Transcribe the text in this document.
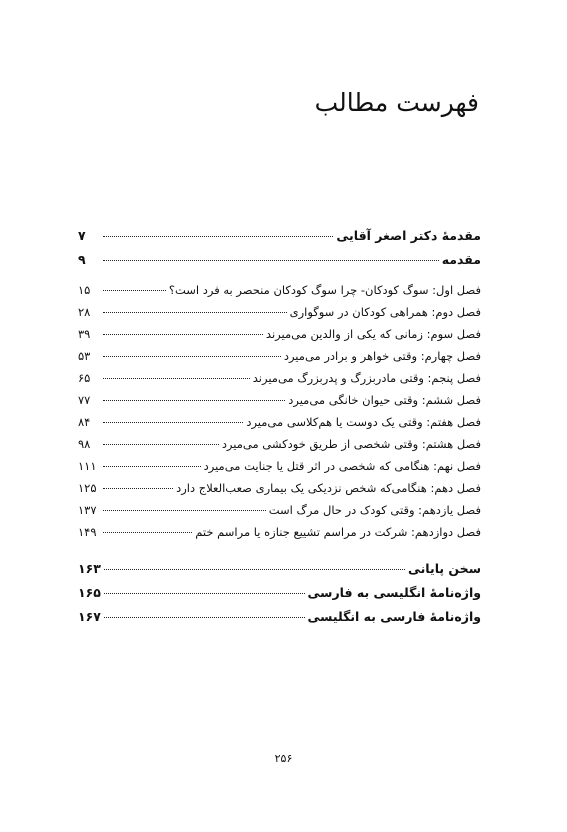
فهرست مطالب
مقدمهٔ دکتر اصغر آقایی
۷
مقدمه
۹
فصل اول: سوگ کودکان- چرا سوگ کودکان منحصر به فرد است؟
۱۵
فصل دوم: همراهی کودکان در سوگواری
۲۸
فصل سوم: زمانی که یکی از والدین می‌میرند
۳۹
فصل چهارم: وقتی خواهر و برادر می‌میرد
۵۳
فصل پنجم: وقتی مادربزرگ و پدربزرگ می‌میرند
۶۵
فصل ششم: وقتی حیوان خانگی می‌میرد
۷۷
فصل هفتم: وقتی یک دوست یا هم‌کلاسی می‌میرد
۸۴
فصل هشتم: وقتی شخصی از طریق خودکشی می‌میرد
۹۸
فصل نهم: هنگامی که شخصی در اثر قتل یا جنایت می‌میرد
۱۱۱
فصل دهم: هنگامی‌که شخص نزدیکی یک بیماری صعب‌العلاج دارد
۱۲۵
فصل یازدهم: وقتی کودک در حال مرگ است
۱۳۷
فصل دوازدهم: شرکت در مراسم تشییع جنازه یا مراسم ختم
۱۴۹
سخن پایانی
۱۶۳
واژه‌نامهٔ انگلیسی به فارسی
۱۶۵
واژه‌نامهٔ فارسی به انگلیسی
۱۶۷
۲۵۶
